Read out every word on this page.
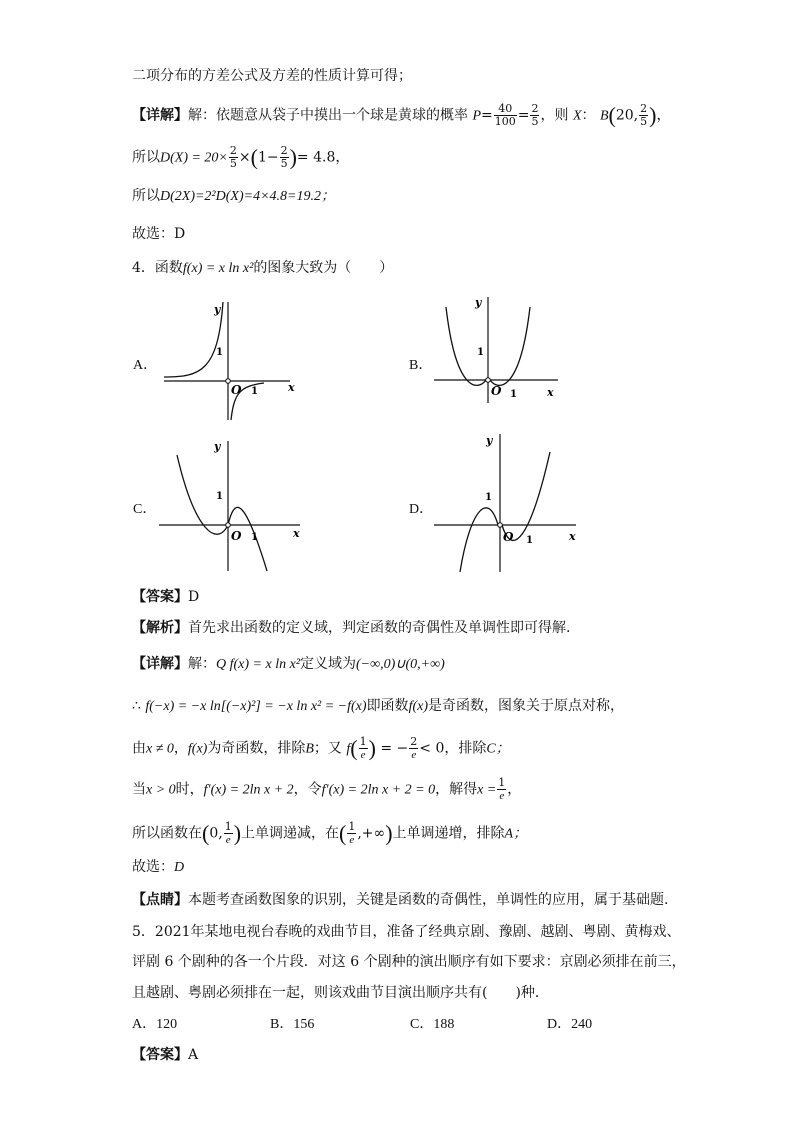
二项分布的方差公式及方差的性质计算可得；
【详解】解：依题意从袋子中摸出一个球是黄球的概率 $P= \frac{40}{100} = \frac{2}{5}$ ，则 X： B(20, $\frac{2}{5}$ )，
所以$D(X) = 20\times \frac{2}{5} \times(1- \frac{2}{5}$ )= 4.8，
所以D(2X)=2²D(X)=4×4.8=19.2；
故选：D
4．函数f(x) = x ln x²的图象大致为（　　）
A．	B．
C．	D．
y
1
O 1	x
y
1
O 1	x
y
1
O 1	x
y
1
O 1	x
【答案】D
【解析】首先求出函数的定义域，判定函数的奇偶性及单调性即可得解.
【详解】解：Q f(x) = x ln x²定义域为(−∞,0)∪(0,+∞)
∴ f(−x) = −x ln[(−x)²] = −x ln x² = −f(x)即函数f(x)是奇函数，图象关于原点对称，
由x ≠ 0，f(x)为奇函数，排除B；又 $f( \frac{1}{e}$ ) = − $\frac{2}{e} < 0$，排除C；
当x > 0时，f′(x) = 2ln x + 2，令f′(x) = 2ln x + 2 = 0，解得$x = \frac{1}{e}$ ，
所以函数在(0, $\frac{1}{e}$ )上单调递减，在( $\frac{1}{e}$ ,+∞)上单调递增，排除A；
故选：D
【点睛】本题考查函数图象的识别，关键是函数的奇偶性，单调性的应用，属于基础题.
5．2021年某地电视台春晚的戏曲节目，准备了经典京剧、豫剧、越剧、粤剧、黄梅戏、
评剧 6 个剧种的各一个片段．对这 6 个剧种的演出顺序有如下要求：京剧必须排在前三，
且越剧、粤剧必须排在一起，则该戏曲节目演出顺序共有(　　)种．
A．120	B．156	C．188	D．240
【答案】A
